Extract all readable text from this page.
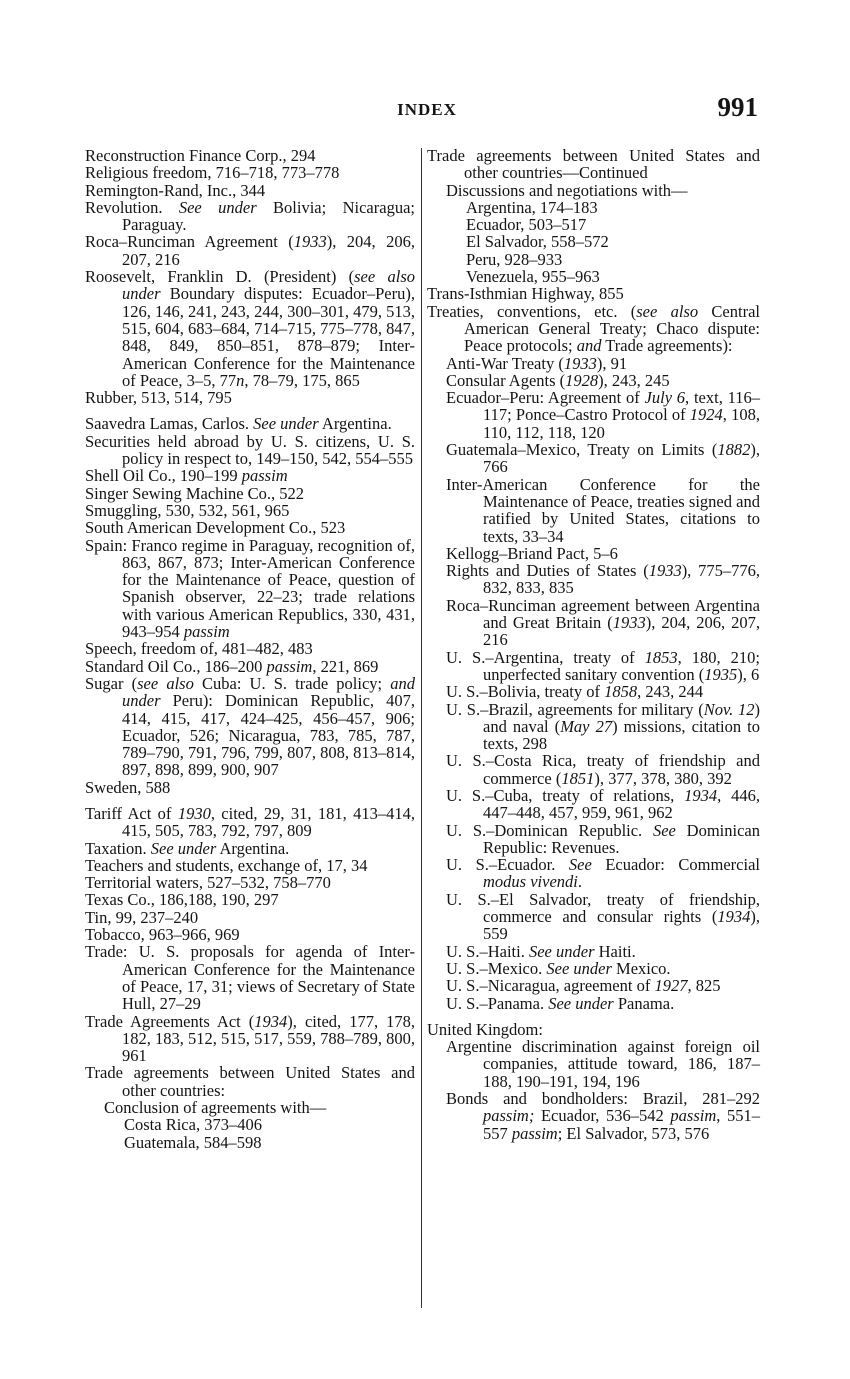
INDEX	991
Reconstruction Finance Corp., 294
Religious freedom, 716–718, 773–778
Remington-Rand, Inc., 344
Revolution. See under Bolivia; Nicaragua; Paraguay.
Roca–Runciman Agreement (1933), 204, 206, 207, 216
Roosevelt, Franklin D. (President) (see also under Boundary disputes: Ecuador–Peru), 126, 146, 241, 243, 244, 300–301, 479, 513, 515, 604, 683–684, 714–715, 775–778, 847, 848, 849, 850–851, 878–879; Inter-American Conference for the Maintenance of Peace, 3–5, 77n, 78–79, 175, 865
Rubber, 513, 514, 795
Saavedra Lamas, Carlos. See under Argentina.
Securities held abroad by U. S. citizens, U. S. policy in respect to, 149–150, 542, 554–555
Shell Oil Co., 190–199 passim
Singer Sewing Machine Co., 522
Smuggling, 530, 532, 561, 965
South American Development Co., 523
Spain: Franco regime in Paraguay, recognition of, 863, 867, 873; Inter-American Conference for the Maintenance of Peace, question of Spanish observer, 22–23; trade relations with various American Republics, 330, 431, 943–954 passim
Speech, freedom of, 481–482, 483
Standard Oil Co., 186–200 passim, 221, 869
Sugar (see also Cuba: U. S. trade policy; and under Peru): Dominican Republic, 407, 414, 415, 417, 424–425, 456–457, 906; Ecuador, 526; Nicaragua, 783, 785, 787, 789–790, 791, 796, 799, 807, 808, 813–814, 897, 898, 899, 900, 907
Sweden, 588
Tariff Act of 1930, cited, 29, 31, 181, 413–414, 415, 505, 783, 792, 797, 809
Taxation. See under Argentina.
Teachers and students, exchange of, 17, 34
Territorial waters, 527–532, 758–770
Texas Co., 186,188, 190, 297
Tin, 99, 237–240
Tobacco, 963–966, 969
Trade: U. S. proposals for agenda of Inter-American Conference for the Maintenance of Peace, 17, 31; views of Secretary of State Hull, 27–29
Trade Agreements Act (1934), cited, 177, 178, 182, 183, 512, 515, 517, 559, 788–789, 800, 961
Trade agreements between United States and other countries:
Conclusion of agreements with—
Costa Rica, 373–406
Guatemala, 584–598
Trade agreements between United States and other countries—Continued
Discussions and negotiations with—
Argentina, 174–183
Ecuador, 503–517
El Salvador, 558–572
Peru, 928–933
Venezuela, 955–963
Trans-Isthmian Highway, 855
Treaties, conventions, etc. (see also Central American General Treaty; Chaco dispute: Peace protocols; and Trade agreements):
Anti-War Treaty (1933), 91
Consular Agents (1928), 243, 245
Ecuador–Peru: Agreement of July 6, text, 116–117; Ponce–Castro Protocol of 1924, 108, 110, 112, 118, 120
Guatemala–Mexico, Treaty on Limits (1882), 766
Inter-American Conference for the Maintenance of Peace, treaties signed and ratified by United States, citations to texts, 33–34
Kellogg–Briand Pact, 5–6
Rights and Duties of States (1933), 775–776, 832, 833, 835
Roca–Runciman agreement between Argentina and Great Britain (1933), 204, 206, 207, 216
U. S.–Argentina, treaty of 1853, 180, 210; unperfected sanitary convention (1935), 6
U. S.–Bolivia, treaty of 1858, 243, 244
U. S.–Brazil, agreements for military (Nov. 12) and naval (May 27) missions, citation to texts, 298
U. S.–Costa Rica, treaty of friendship and commerce (1851), 377, 378, 380, 392
U. S.–Cuba, treaty of relations, 1934, 446, 447–448, 457, 959, 961, 962
U. S.–Dominican Republic. See Dominican Republic: Revenues.
U. S.–Ecuador. See Ecuador: Commercial modus vivendi.
U. S.–El Salvador, treaty of friendship, commerce and consular rights (1934), 559
U. S.–Haiti. See under Haiti.
U. S.–Mexico. See under Mexico.
U. S.–Nicaragua, agreement of 1927, 825
U. S.–Panama. See under Panama.
United Kingdom:
Argentine discrimination against foreign oil companies, attitude toward, 186, 187–188, 190–191, 194, 196
Bonds and bondholders: Brazil, 281–292 passim; Ecuador, 536–542 passim, 551–557 passim; El Salvador, 573, 576
